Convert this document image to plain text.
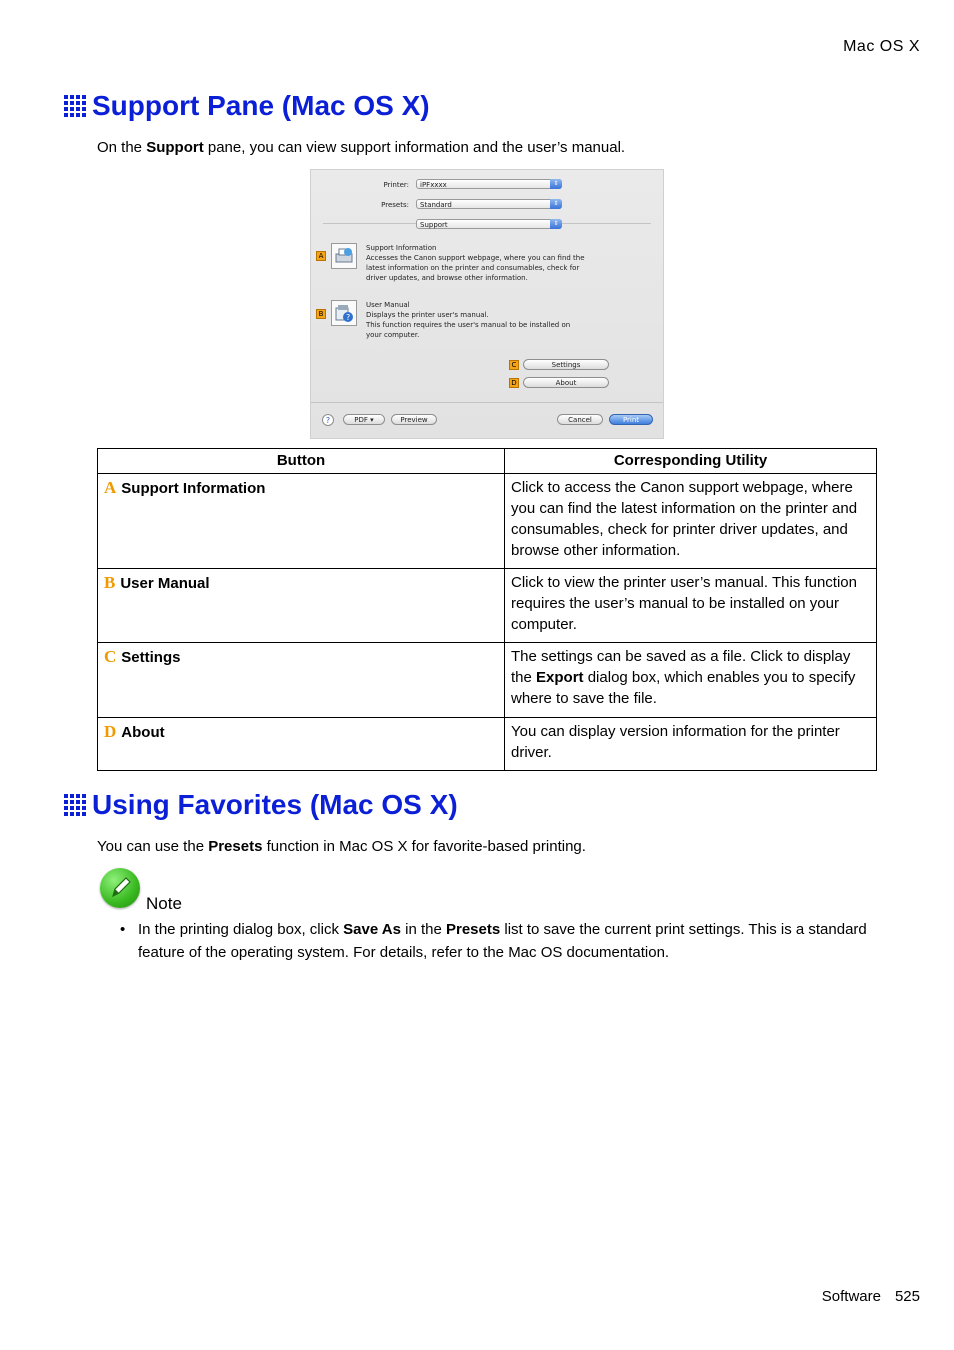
Mac OS X
Support Pane (Mac OS X)
On the Support pane, you can view support information and the user’s manual.
Printer:	iPFxxxx	⇕
Presets:	Standard	⇕
Support	⇕
A
Support Information
Accesses the Canon support webpage, where you can find the
latest information on the printer and consumables, check for
driver updates, and browse other information.
B	?
User Manual
Displays the printer user's manual.
This function requires the user's manual to be installed on
your computer.
C	Settings
D	About
?	PDF ▾	Preview	Cancel	Print
Button	Corresponding Utility
A Support Information	Click to access the Canon support webpage, where you can find the latest information on the printer and consumables, check for printer driver updates, and browse other information.
B User Manual	Click to view the printer user’s manual. This function requires the user’s manual to be installed on your computer.
C Settings	The settings can be saved as a file. Click to display the Export dialog box, which enables you to specify where to save the file.
D About	You can display version information for the printer driver.
Using Favorites (Mac OS X)
You can use the Presets function in Mac OS X for favorite-based printing.
Note
• In the printing dialog box, click Save As in the Presets list to save the current print settings. This is a standard feature of the operating system. For details, refer to the Mac OS documentation.
Software 525
